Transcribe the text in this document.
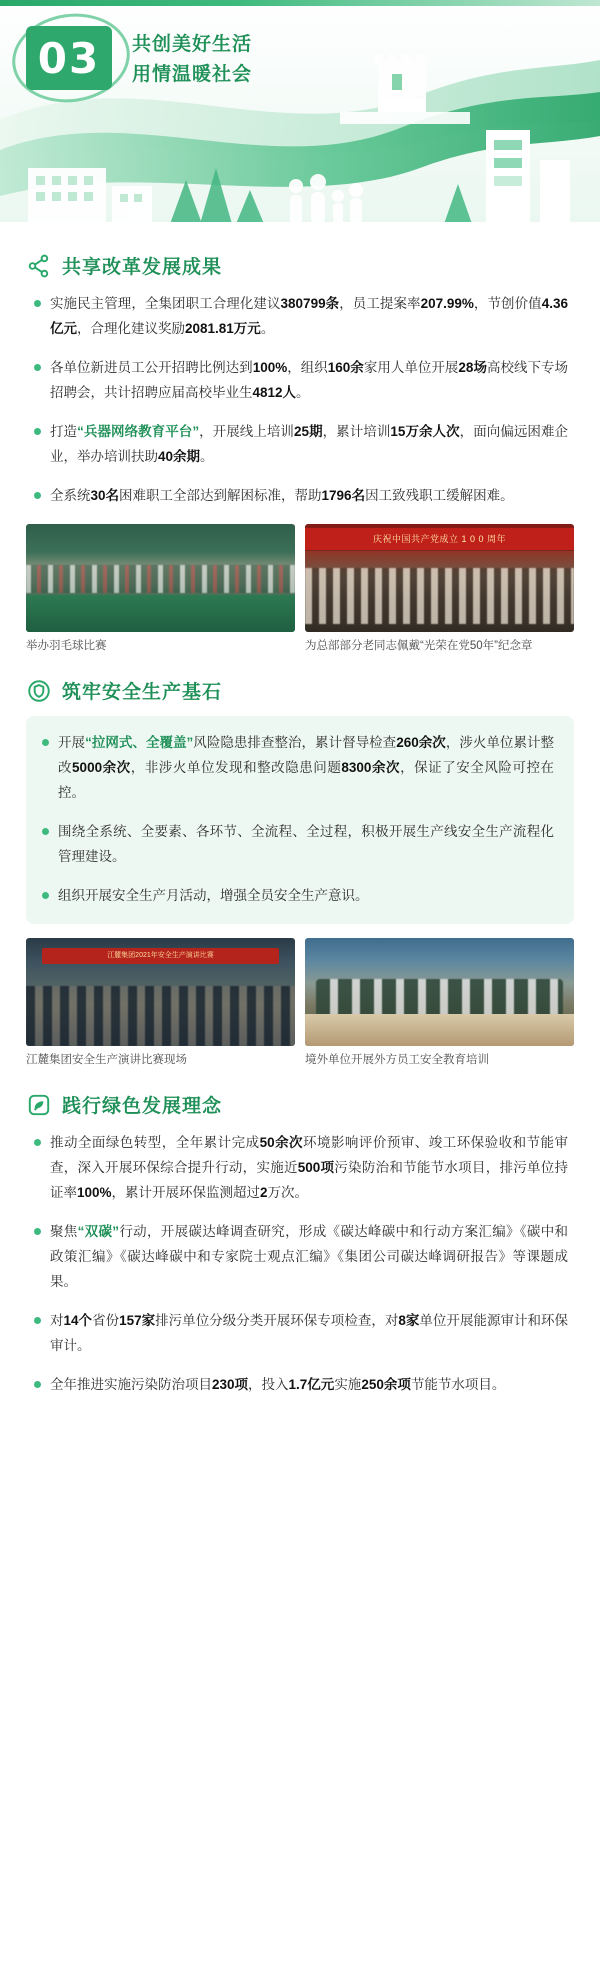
03	共创美好生活
用情温暖社会
共享改革发展成果
实施民主管理，全集团职工合理化建议380799条，员工提案率207.99%，节创价值4.36亿元，合理化建议奖励2081.81万元。
各单位新进员工公开招聘比例达到100%，组织160余家用人单位开展28场高校线下专场招聘会，共计招聘应届高校毕业生4812人。
打造“兵器网络教育平台”，开展线上培训25期，累计培训15万余人次，面向偏远困难企业，举办培训扶助40余期。
全系统30名困难职工全部达到解困标准，帮助1796名因工致残职工缓解困难。
举办羽毛球比赛
庆祝中国共产党成立 1 0 0 周年
为总部部分老同志佩戴“光荣在党50年”纪念章
筑牢安全生产基石
开展“拉网式、全覆盖”风险隐患排查整治，累计督导检查260余次，涉火单位累计整改5000余次，非涉火单位发现和整改隐患问题8300余次，保证了安全风险可控在控。
围绕全系统、全要素、各环节、全流程、全过程，积极开展生产线安全生产流程化管理建设。
组织开展安全生产月活动，增强全员安全生产意识。
江麓集团2021年安全生产演讲比赛
江麓集团安全生产演讲比赛现场	境外单位开展外方员工安全教育培训
践行绿色发展理念
推动全面绿色转型，全年累计完成50余次环境影响评价预审、竣工环保验收和节能审查，深入开展环保综合提升行动，实施近500项污染防治和节能节水项目，排污单位持证率100%，累计开展环保监测超过2万次。
聚焦“双碳”行动，开展碳达峰调查研究，形成《碳达峰碳中和行动方案汇编》《碳中和政策汇编》《碳达峰碳中和专家院士观点汇编》《集团公司碳达峰调研报告》等课题成果。
对14个省份157家排污单位分级分类开展环保专项检查，对8家单位开展能源审计和环保审计。
全年推进实施污染防治项目230项，投入1.7亿元实施250余项节能节水项目。
